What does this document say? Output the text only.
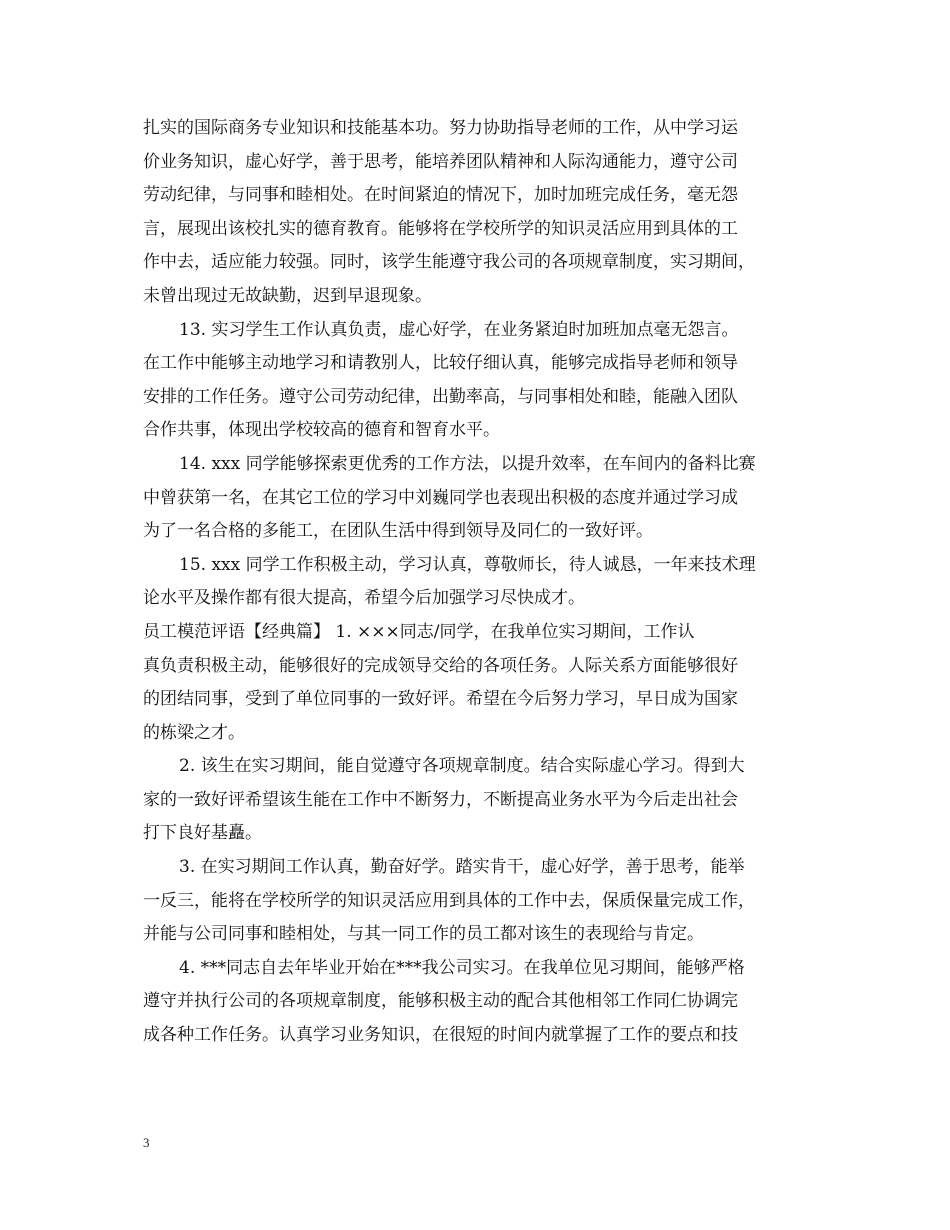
扎实的国际商务专业知识和技能基本功。努力协助指导老师的工作，从中学习运
价业务知识，虚心好学，善于思考，能培养团队精神和人际沟通能力，遵守公司
劳动纪律，与同事和睦相处。在时间紧迫的情况下，加时加班完成任务，毫无怨
言，展现出该校扎实的德育教育。能够将在学校所学的知识灵活应用到具体的工
作中去，适应能力较强。同时，该学生能遵守我公司的各项规章制度，实习期间，
未曾出现过无故缺勤，迟到早退现象。
13. 实习学生工作认真负责，虚心好学，在业务紧迫时加班加点毫无怨言。
在工作中能够主动地学习和请教别人，比较仔细认真，能够完成指导老师和领导
安排的工作任务。遵守公司劳动纪律，出勤率高，与同事相处和睦，能融入团队
合作共事，体现出学校较高的德育和智育水平。
14. xxx 同学能够探索更优秀的工作方法，以提升效率，在车间内的备料比赛
中曾获第一名，在其它工位的学习中刘巍同学也表现出积极的态度并通过学习成
为了一名合格的多能工，在团队生活中得到领导及同仁的一致好评。
15. xxx 同学工作积极主动，学习认真，尊敬师长，待人诚恳，一年来技术理
论水平及操作都有很大提高，希望今后加强学习尽快成才。
员工模范评语【经典篇】 1. ×××同志/同学，在我单位实习期间，工作认
真负责积极主动，能够很好的完成领导交给的各项任务。人际关系方面能够很好
的团结同事，受到了单位同事的一致好评。希望在今后努力学习，早日成为国家
的栋梁之才。
2. 该生在实习期间，能自觉遵守各项规章制度。结合实际虚心学习。得到大
家的一致好评希望该生能在工作中不断努力，不断提高业务水平为今后走出社会
打下良好基矗。
3. 在实习期间工作认真，勤奋好学。踏实肯干，虚心好学，善于思考，能举
一反三，能将在学校所学的知识灵活应用到具体的工作中去，保质保量完成工作，
并能与公司同事和睦相处，与其一同工作的员工都对该生的表现给与肯定。
4. ***同志自去年毕业开始在***我公司实习。在我单位见习期间，能够严格
遵守并执行公司的各项规章制度，能够积极主动的配合其他相邻工作同仁协调完
成各种工作任务。认真学习业务知识，在很短的时间内就掌握了工作的要点和技
3
